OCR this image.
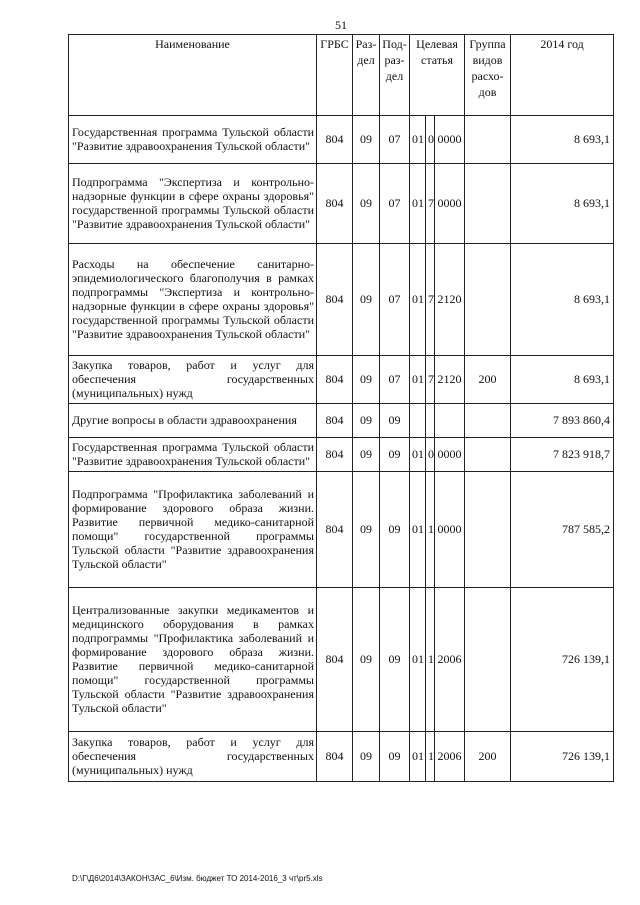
51
Наименование	ГРБС	Раз-дел	Под-раз-дел	Целевая статья			Группа видов расхо-дов	2014 год
Государственная программа Тульской области "Развитие здравоохранения Тульской области"	804	09	07	01	0	0000		8 693,1
Подпрограмма "Экспертиза и контрольно-надзорные функции в сфере охраны здоровья" государственной программы Тульской области "Развитие здравоохранения Тульской области"	804	09	07	01	7	0000		8 693,1
Расходы на обеспечение санитарно-эпидемиологического благополучия в рамках подпрограммы "Экспертиза и контрольно-надзорные функции в сфере охраны здоровья" государственной программы Тульской области "Развитие здравоохранения Тульской области"	804	09	07	01	7	2120		8 693,1
Закупка товаров, работ и услуг для обеспечения государственных (муниципальных) нужд	804	09	07	01	7	2120	200	8 693,1
Другие вопросы в области здравоохранения	804	09	09					7 893 860,4
Государственная программа Тульской области "Развитие здравоохранения Тульской области"	804	09	09	01	0	0000		7 823 918,7
Подпрограмма "Профилактика заболеваний и формирование здорового образа жизни. Развитие первичной медико-санитарной помощи" государственной программы Тульской области "Развитие здравоохранения Тульской области"	804	09	09	01	1	0000		787 585,2
Централизованные закупки медикаментов и медицинского оборудования в рамках подпрограммы "Профилактика заболеваний и формирование здорового образа жизни. Развитие первичной медико-санитарной помощи" государственной программы Тульской области "Развитие здравоохранения Тульской области"	804	09	09	01	1	2006		726 139,1
Закупка товаров, работ и услуг для обеспечения государственных (муниципальных) нужд	804	09	09	01	1	2006	200	726 139,1
D:\Г\Д6\2014\ЗАКОН\ЗАС_6\Изм. бюджет ТО 2014-2016_3 чт\pr5.xls
